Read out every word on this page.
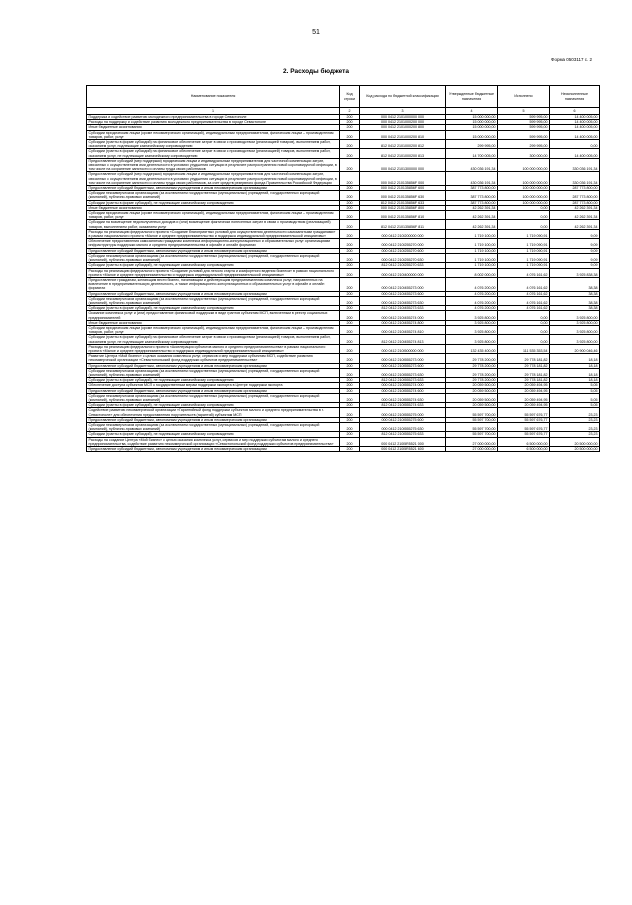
51
Форма 0503117 с. 2
2. Расходы бюджета
Наименование показателя	Код строки	Код расхода по бюджетной классификации	Утвержденные бюджетные назначения	Исполнено	Неисполненные назначения
1	2	3	4	5	6
Поддержка и содействие развитию молодежного предпринимательства в городе Севастополе	200	000 0412 2101000000 000	15 000 000,00	599 995,00	14 400 005,00
Расходы на поддержку и содействие развитию молодежного предпринимательства в городе Севастополе	200	000 0412 2101000200 000	15 000 000,00	599 995,00	14 400 005,00
Иные бюджетные ассигнования	200	000 0412 2101000200 800	15 000 000,00	599 995,00	14 400 005,00
Субсидии юридическим лицам (кроме некоммерческих организаций), индивидуальным предпринимателям, физическим лицам – производителям товаров, работ, услуг	200	000 0412 2101000200 810	15 000 000,00	599 995,00	14 400 005,00
Субсидии (гранты в форме субсидий) на финансовое обеспечение затрат в связи с производством (реализацией товаров), выполнением работ, оказанием услуг, подлежащие казначейскому сопровождению	200	812 0412 2101000200 812	299 995,00	299 995,00	0,00
Субсидии (гранты в форме субсидий) на финансовое обеспечение затрат в связи с производством (реализацией) товаров, выполнением работ, оказанием услуг, не подлежащие казначейскому сопровождению	200	812 0412 2101000200 813	14 700 005,00	300 000,00	14 400 005,00
Предоставление субсидий (мер поддержки) юридическим лицам и индивидуальным предпринимателям для частичной компенсации затрат, связанных с осуществлением ими деятельности в условиях ухудшения ситуации в результате распространения новой коронавирусной инфекции, в том числе на сохранение занятости и оплаты труда своих работников	200	000 0412 2101300000 000	430 036 191,34	100 000 000,00	330 036 191,34
Предоставление субсидий (мер поддержки) юридическим лицам и индивидуальным предпринимателям для частичной компенсации затрат, связанных с осуществлением ими деятельности в условиях ухудшения ситуации в результате распространения новой коронавирусной инфекции, в том числе на сохранение занятости и оплаты труда своих работников, за счет средств резервного фонда Правительства Российской Федерации	200	000 0412 210135856F 000	430 036 191,34	100 000 000,00	330 036 191,34
Предоставление субсидий бюджетным, автономным учреждениям и иным некоммерческим организациям	200	000 0412 210135856F 600	387 773 800,00	100 000 000,00	287 773 800,00
Субсидии некоммерческим организациям (за исключением государственных (муниципальных) учреждений, государственных корпораций (компаний), публично-правовых компаний)	200	000 0412 210135856F 630	387 773 800,00	100 000 000,00	287 773 800,00
Субсидии (гранты в форме субсидий), не подлежащие казначейскому сопровождению	200	812 0412 210135856F 633	387 773 800,00	100 000 000,00	287 773 800,00
Иные бюджетные ассигнования	200	000 0412 210135856F 800	42 262 391,34	0,00	42 262 391,34
Субсидии юридическим лицам (кроме некоммерческих организаций), индивидуальным предпринимателям, физическим лицам – производителям товаров, работ, услуг	200	000 0412 210135856F 810	42 262 391,34	0,00	42 262 391,34
Субсидии на возмещение недополученных доходов и (или) возмещение фактически понесенных затрат в связи с производством (реализацией) товаров, выполнением работ, оказанием услуг	200	812 0412 210135856F 811	42 262 391,34	0,00	42 262 391,34
Расходы на реализацию федерального проекта «Создание благоприятных условий для осуществления деятельности самозанятыми гражданами» в рамках национального проекта «Малое и среднее предпринимательство и поддержка индивидуальной предпринимательской инициативы»	200	000 0412 210I200000 000	1 719 100,00	1 719 090,91	9,09
Обеспечение предоставления самозанятым гражданам комплекса информационно-консультационных и образовательных услуг организациями инфраструктуры поддержки малого и среднего предпринимательства в офлайн и онлайн форматах	200	000 0412 210I255270 000	1 719 100,00	1 719 090,91	9,09
Предоставление субсидий бюджетным, автономным учреждениям и иным некоммерческим организациям	200	000 0412 210I255270 600	1 719 100,00	1 719 090,91	9,09
Субсидии некоммерческим организациям (за исключением государственных (муниципальных) учреждений, государственных корпораций (компаний), публично-правовых компаний)	200	000 0412 210I255270 630	1 719 100,00	1 719 090,91	9,09
Субсидии (гранты в форме субсидий), не подлежащие казначейскому сопровождению	200	812 0412 210I255270 633	1 719 100,00	1 719 090,91	9,09
Расходы на реализацию федерального проекта «Создание условий для легкого старта и комфортного ведения бизнеса» в рамках национального проекта «Малое и среднее предпринимательство и поддержка индивидуальной предпринимательской инициативы»	200	000 0412 210I400000 000	8 002 000,00	4 076 161,62	3 925 838,38
Предоставление гражданам, желающим вести бизнес, начинающим и действующим предпринимателям комплекса услуг, направленных на вовлечение в предпринимательскую деятельность, а также информационно-консультационных и образовательных услуг в офлайн и онлайн форматах	200	000 0412 210I455273 000	4 076 200,00	4 076 161,62	38,38
Предоставление субсидий бюджетным, автономным учреждениям и иным некоммерческим организациям	200	000 0412 210I455273 600	4 076 200,00	4 076 161,62	38,38
Субсидии некоммерческим организациям (за исключением государственных (муниципальных) учреждений, государственных корпораций (компаний), публично-правовых компаний)	200	000 0412 210I455273 630	4 076 200,00	4 076 161,62	38,38
Субсидии (гранты в форме субсидий), не подлежащие казначейскому сопровождению	200	812 0412 210I455273 633	4 076 200,00	4 076 161,62	38,38
Оказание комплекса услуг и (или) предоставление финансовой поддержки в виде грантов субъектам МСП, включенным в реестр социальных предпринимателей	200	000 0412 210I455274 000	3 925 800,00	0,00	3 925 800,00
Иные бюджетные ассигнования	200	000 0412 210I455274 800	3 925 800,00	0,00	3 925 800,00
Субсидии юридическим лицам (кроме некоммерческих организаций), индивидуальным предпринимателям, физическим лицам – производителям товаров, работ, услуг	200	000 0412 210I455274 810	3 925 800,00	0,00	3 925 800,00
Субсидии (гранты в форме субсидий) на финансовое обеспечение затрат в связи с производством (реализацией) товаров, выполнением работ, оказанием услуг, не подлежащие казначейскому сопровождению	200	812 0412 210I455274 813	3 925 800,00	0,00	3 925 800,00
Расходы на реализацию федерального проекта «Акселерация субъектов малого и среднего предпринимательства» в рамках национального проекта «Малое и среднее предпринимательство и поддержка индивидуальной предпринимательской инициативы»	200	000 0412 210I500000 000	132 435 400,00	111 535 353,54	20 900 046,46
Развитие Центра «Мой бизнес» с целью оказания комплекса услуг, сервисов и мер поддержки субъектам МСП, содействие развитию некоммерческой организации «Севастопольский фонд поддержки субъектов предпринимательства»	200	000 0412 210I555273 000	29 778 200,00	29 778 181,82	18,18
Предоставление субсидий бюджетным, автономным учреждениям и иным некоммерческим организациям	200	000 0412 210I555273 600	29 778 200,00	29 778 181,82	18,18
Субсидии некоммерческим организациям (за исключением государственных (муниципальных) учреждений, государственных корпораций (компаний), публично-правовых компаний)	200	000 0412 210I555273 630	29 778 200,00	29 778 181,82	18,18
Субсидии (гранты в форме субсидий), не подлежащие казначейскому сопровождению	200	812 0412 210I555273 633	29 778 200,00	29 778 181,82	18,18
Обеспечение доступа субъектов МСП к государственным мерам поддержки экспорта в Центре поддержки экспорта	200	000 0412 210I555274 000	20 059 500,00	20 059 494,95	5,05
Предоставление субсидий бюджетным, автономным учреждениям и иным некоммерческим организациям	200	000 0412 210I555274 600	20 059 500,00	20 059 494,95	5,05
Субсидии некоммерческим организациям (за исключением государственных (муниципальных) учреждений, государственных корпораций (компаний), публично-правовых компаний)	200	000 0412 210I555274 630	20 059 500,00	20 059 494,95	5,05
Субсидии (гранты в форме субсидий), не подлежащие казначейскому сопровождению	200	812 0412 210I555274 633	20 059 500,00	20 059 494,95	5,05
Содействие развитию некоммерческой организации «Гарантийный фонд поддержки субъектов малого и среднего предпринимательства в г. Севастополе» для обеспечения предоставления поручительств (гарантий) субъектам МСП	200	000 0412 210I555275 000	55 597 700,00	55 597 676,77	23,23
Предоставление субсидий бюджетным, автономным учреждениям и иным некоммерческим организациям	200	000 0412 210I555275 600	55 597 700,00	55 597 676,77	23,23
Субсидии некоммерческим организациям (за исключением государственных (муниципальных) учреждений, государственных корпораций (компаний), публично-правовых компаний)	200	000 0412 210I555275 630	55 597 700,00	55 597 676,77	23,23
Субсидии (гранты в форме субсидий), не подлежащие казначейскому сопровождению	200	812 0412 210I555275 633	55 597 700,00	55 597 676,77	23,23
Расходы на создание Центра «Мой бизнес» с целью оказания комплекса услуг, сервисов и мер поддержки субъектам малого и среднего предпринимательства, содействие развитию некоммерческой организации «Севастопольский фонд поддержки субъектов предпринимательства»	200	000 0412 210I5R5521 000	27 000 000,00	6 500 000,00	20 500 000,00
Предоставление субсидий бюджетным, автономным учреждениям и иным некоммерческим организациям	200	000 0412 210I5R5521 600	27 000 000,00	6 500 000,00	20 500 000,00
